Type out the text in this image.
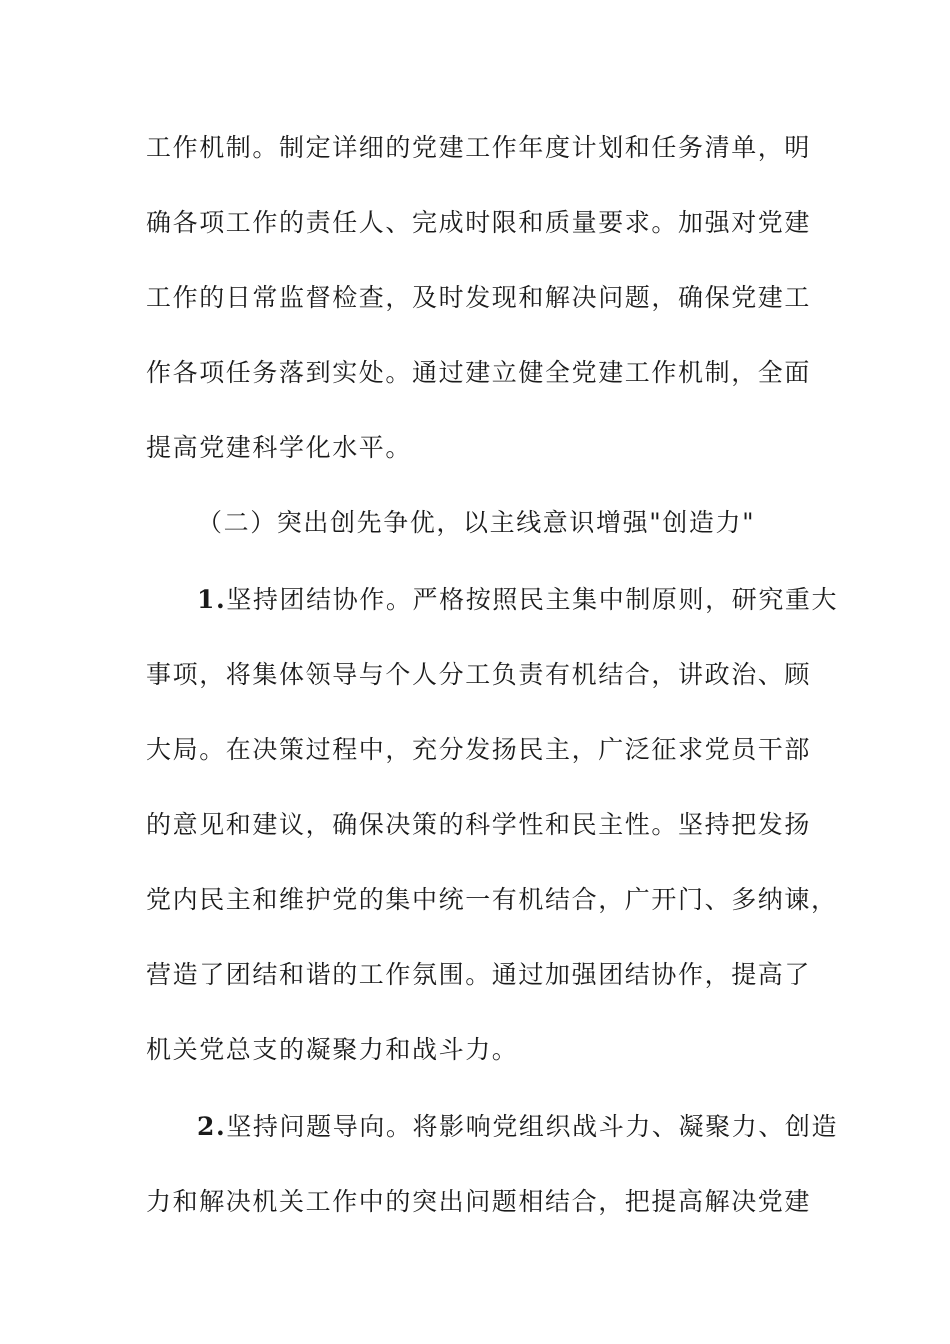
工作机制。制定详细的党建工作年度计划和任务清单，明
确各项工作的责任人、完成时限和质量要求。加强对党建
工作的日常监督检查，及时发现和解决问题，确保党建工
作各项任务落到实处。通过建立健全党建工作机制，全面
提高党建科学化水平。
（二）突出创先争优，以主线意识增强"创造力"
1.坚持团结协作。严格按照民主集中制原则，研究重大
事项，将集体领导与个人分工负责有机结合，讲政治、顾
大局。在决策过程中，充分发扬民主，广泛征求党员干部
的意见和建议，确保决策的科学性和民主性。坚持把发扬
党内民主和维护党的集中统一有机结合，广开门、多纳谏，
营造了团结和谐的工作氛围。通过加强团结协作，提高了
机关党总支的凝聚力和战斗力。
2.坚持问题导向。将影响党组织战斗力、凝聚力、创造
力和解决机关工作中的突出问题相结合，把提高解决党建
